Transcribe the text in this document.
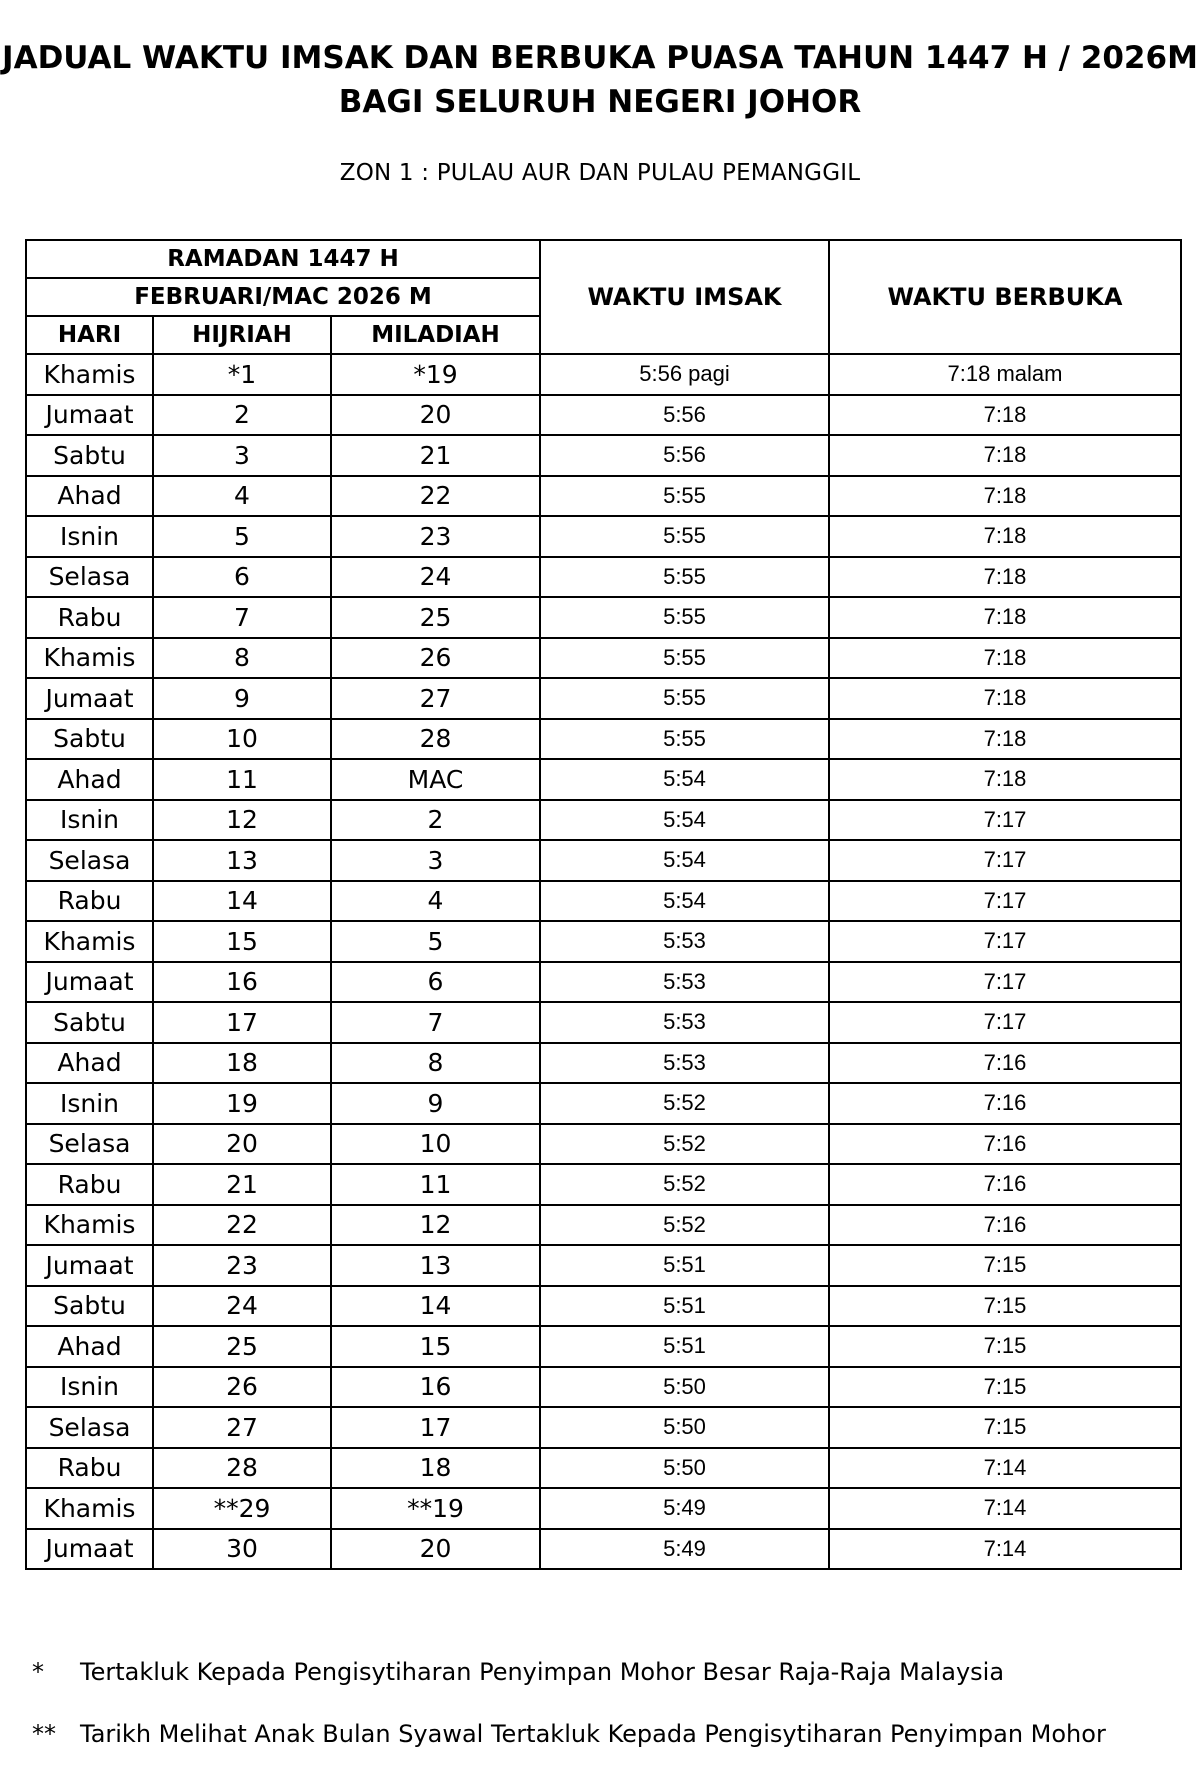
JADUAL WAKTU IMSAK DAN BERBUKA PUASA TAHUN 1447 H / 2026M
BAGI SELURUH NEGERI JOHOR
ZON 1 : PULAU AUR DAN PULAU PEMANGGIL
RAMADAN 1447 H			WAKTU IMSAK	WAKTU BERBUKA
FEBRUARI/MAC 2026 M				
HARI	HIJRIAH	MILADIAH		
Khamis	*1	*19	5:56 pagi	7:18 malam
Jumaat	2	20	5:56	7:18
Sabtu	3	21	5:56	7:18
Ahad	4	22	5:55	7:18
Isnin	5	23	5:55	7:18
Selasa	6	24	5:55	7:18
Rabu	7	25	5:55	7:18
Khamis	8	26	5:55	7:18
Jumaat	9	27	5:55	7:18
Sabtu	10	28	5:55	7:18
Ahad	11	MAC	5:54	7:18
Isnin	12	2	5:54	7:17
Selasa	13	3	5:54	7:17
Rabu	14	4	5:54	7:17
Khamis	15	5	5:53	7:17
Jumaat	16	6	5:53	7:17
Sabtu	17	7	5:53	7:17
Ahad	18	8	5:53	7:16
Isnin	19	9	5:52	7:16
Selasa	20	10	5:52	7:16
Rabu	21	11	5:52	7:16
Khamis	22	12	5:52	7:16
Jumaat	23	13	5:51	7:15
Sabtu	24	14	5:51	7:15
Ahad	25	15	5:51	7:15
Isnin	26	16	5:50	7:15
Selasa	27	17	5:50	7:15
Rabu	28	18	5:50	7:14
Khamis	**29	**19	5:49	7:14
Jumaat	30	20	5:49	7:14
* Tertakluk Kepada Pengisytiharan Penyimpan Mohor Besar Raja-Raja Malaysia
** Tarikh Melihat Anak Bulan Syawal Tertakluk Kepada Pengisytiharan Penyimpan Mohor
